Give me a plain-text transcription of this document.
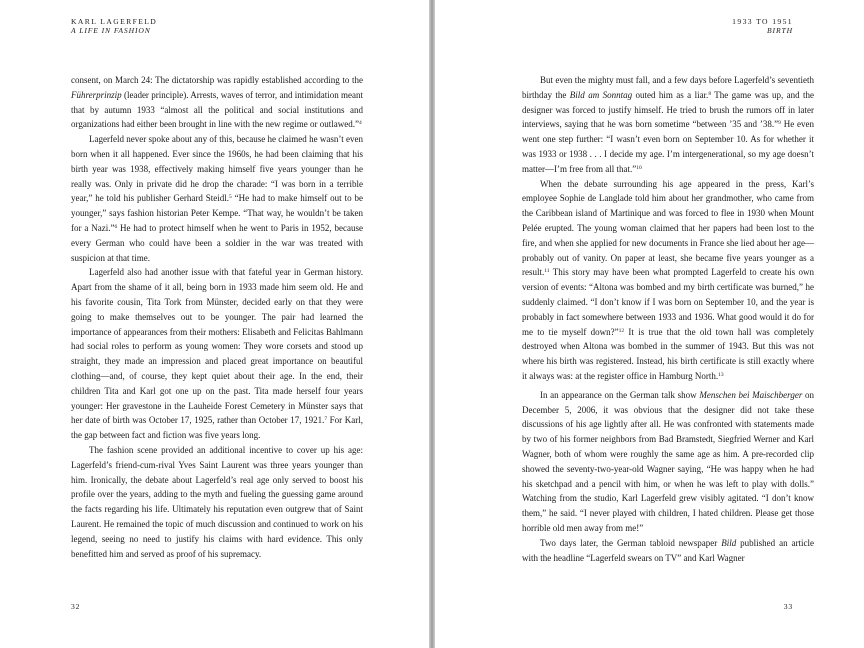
KARL LAGERFELD
A LIFE IN FASHION

consent, on March 24: The dictatorship was rapidly established according to the Führerprinzip (leader principle). Arrests, waves of terror, and intimidation meant that by autumn 1933 “almost all the political and social institutions and organizations had either been brought in line with the new regime or outlawed.”$^4$

Lagerfeld never spoke about any of this, because he claimed he wasn’t even born when it all happened. Ever since the 1960s, he had been claiming that his birth year was 1938, effectively making himself five years younger than he really was. Only in private did he drop the charade: “I was born in a terrible year,” he told his publisher Gerhard Steidl.$^5$ “He had to make himself out to be younger,” says fashion historian Peter Kempe. “That way, he wouldn’t be taken for a Nazi.”$^6$ He had to protect himself when he went to Paris in 1952, because every German who could have been a soldier in the war was treated with suspicion at that time.

Lagerfeld also had another issue with that fateful year in German history. Apart from the shame of it all, being born in 1933 made him seem old. He and his favorite cousin, Tita Tork from Münster, decided early on that they were going to make themselves out to be younger. The pair had learned the importance of appearances from their mothers: Elisabeth and Felicitas Bahlmann had social roles to perform as young women: They wore corsets and stood up straight, they made an impression and placed great importance on beautiful clothing—and, of course, they kept quiet about their age. In the end, their children Tita and Karl got one up on the past. Tita made herself four years younger: Her gravestone in the Lauheide Forest Cemetery in Münster says that her date of birth was October 17, 1925, rather than October 17, 1921.$^7$ For Karl, the gap between fact and fiction was five years long.

The fashion scene provided an additional incentive to cover up his age: Lagerfeld’s friend-cum-rival Yves Saint Laurent was three years younger than him. Ironically, the debate about Lagerfeld’s real age only served to boost his profile over the years, adding to the myth and fueling the guessing game around the facts regarding his life. Ultimately his reputation even outgrew that of Saint Laurent. He remained the topic of much discussion and continued to work on his legend, seeing no need to justify his claims with hard evidence. This only benefitted him and served as proof of his supremacy.

32
1933 TO 1951
BIRTH

But even the mighty must fall, and a few days before Lagerfeld’s seventieth birthday the Bild am Sonntag outed him as a liar.$^8$ The game was up, and the designer was forced to justify himself. He tried to brush the rumors off in later interviews, saying that he was born sometime “between ’35 and ’38.”$^9$ He even went one step further: “I wasn’t even born on September 10. As for whether it was 1933 or 1938 . . . I decide my age. I’m intergenerational, so my age doesn’t matter—I’m free from all that.”$^{10}$

When the debate surrounding his age appeared in the press, Karl’s employee Sophie de Langlade told him about her grandmother, who came from the Caribbean island of Martinique and was forced to flee in 1930 when Mount Pelée erupted. The young woman claimed that her papers had been lost to the fire, and when she applied for new documents in France she lied about her age—probably out of vanity. On paper at least, she became five years younger as a result.$^{11}$ This story may have been what prompted Lagerfeld to create his own version of events: “Altona was bombed and my birth certificate was burned,” he suddenly claimed. “I don’t know if I was born on September 10, and the year is probably in fact somewhere between 1933 and 1936. What good would it do for me to tie myself down?”$^{12}$ It is true that the old town hall was completely destroyed when Altona was bombed in the summer of 1943. But this was not where his birth was registered. Instead, his birth certificate is still exactly where it always was: at the register office in Hamburg North.$^{13}$

In an appearance on the German talk show Menschen bei Maischberger on December 5, 2006, it was obvious that the designer did not take these discussions of his age lightly after all. He was confronted with statements made by two of his former neighbors from Bad Bramstedt, Siegfried Werner and Karl Wagner, both of whom were roughly the same age as him. A pre-recorded clip showed the seventy-two-year-old Wagner saying, “He was happy when he had his sketchpad and a pencil with him, or when he was left to play with dolls.” Watching from the studio, Karl Lagerfeld grew visibly agitated. “I don’t know them,” he said. “I never played with children, I hated children. Please get those horrible old men away from me!”

Two days later, the German tabloid newspaper Bild published an article with the headline “Lagerfeld swears on TV” and Karl Wagner

33
